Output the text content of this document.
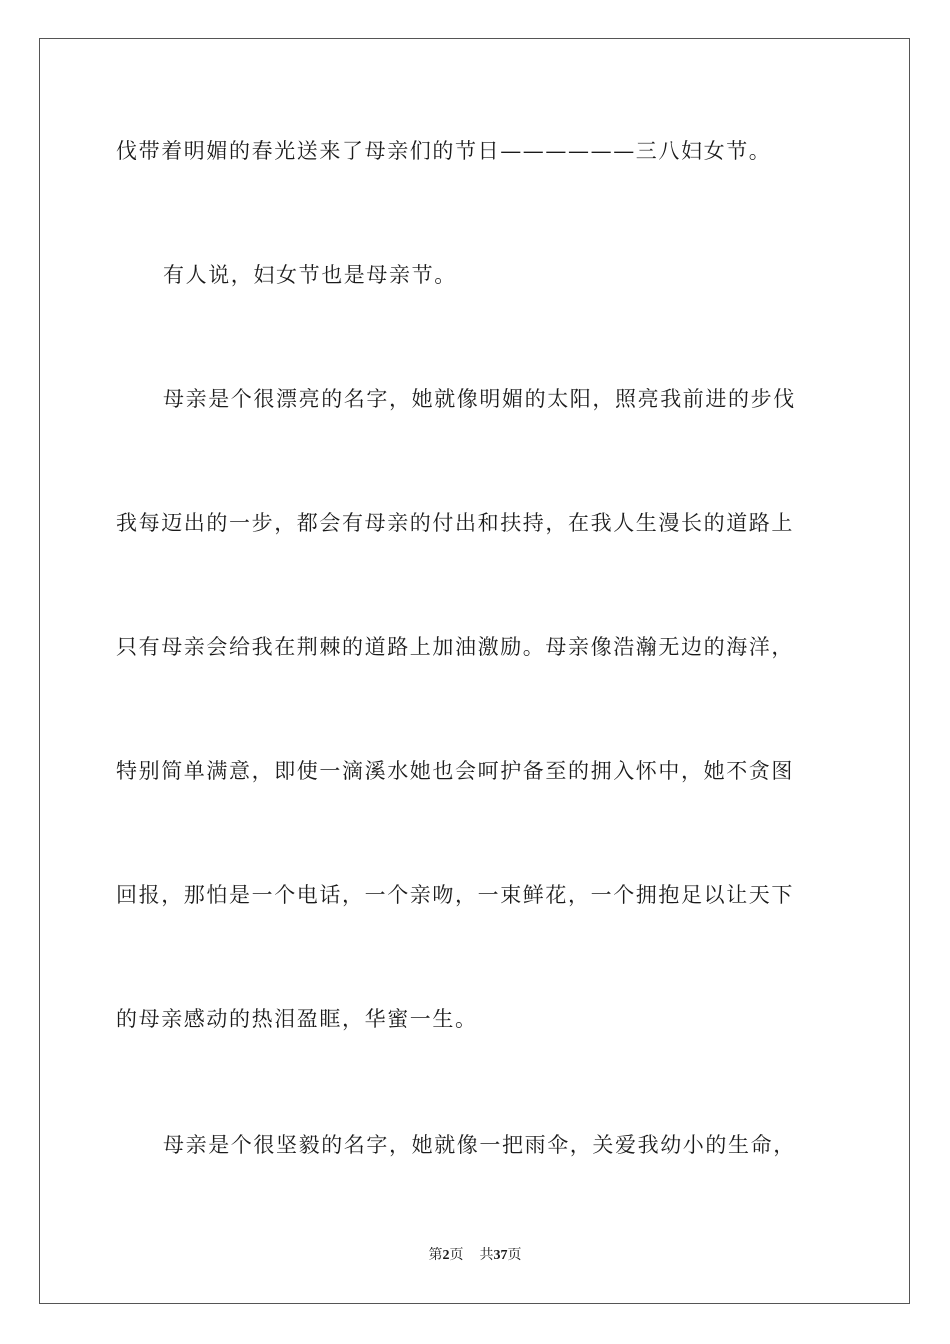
伐带着明媚的春光送来了母亲们的节日——————三八妇女节。
有人说，妇女节也是母亲节。
母亲是个很漂亮的名字，她就像明媚的太阳，照亮我前进的步伐
我每迈出的一步，都会有母亲的付出和扶持，在我人生漫长的道路上
只有母亲会给我在荆棘的道路上加油激励。母亲像浩瀚无边的海洋，
特别简单满意，即使一滴溪水她也会呵护备至的拥入怀中，她不贪图
回报，那怕是一个电话，一个亲吻，一束鲜花，一个拥抱足以让天下
的母亲感动的热泪盈眶，华蜜一生。
母亲是个很坚毅的名字，她就像一把雨伞，关爱我幼小的生命，
第2页 共37页
